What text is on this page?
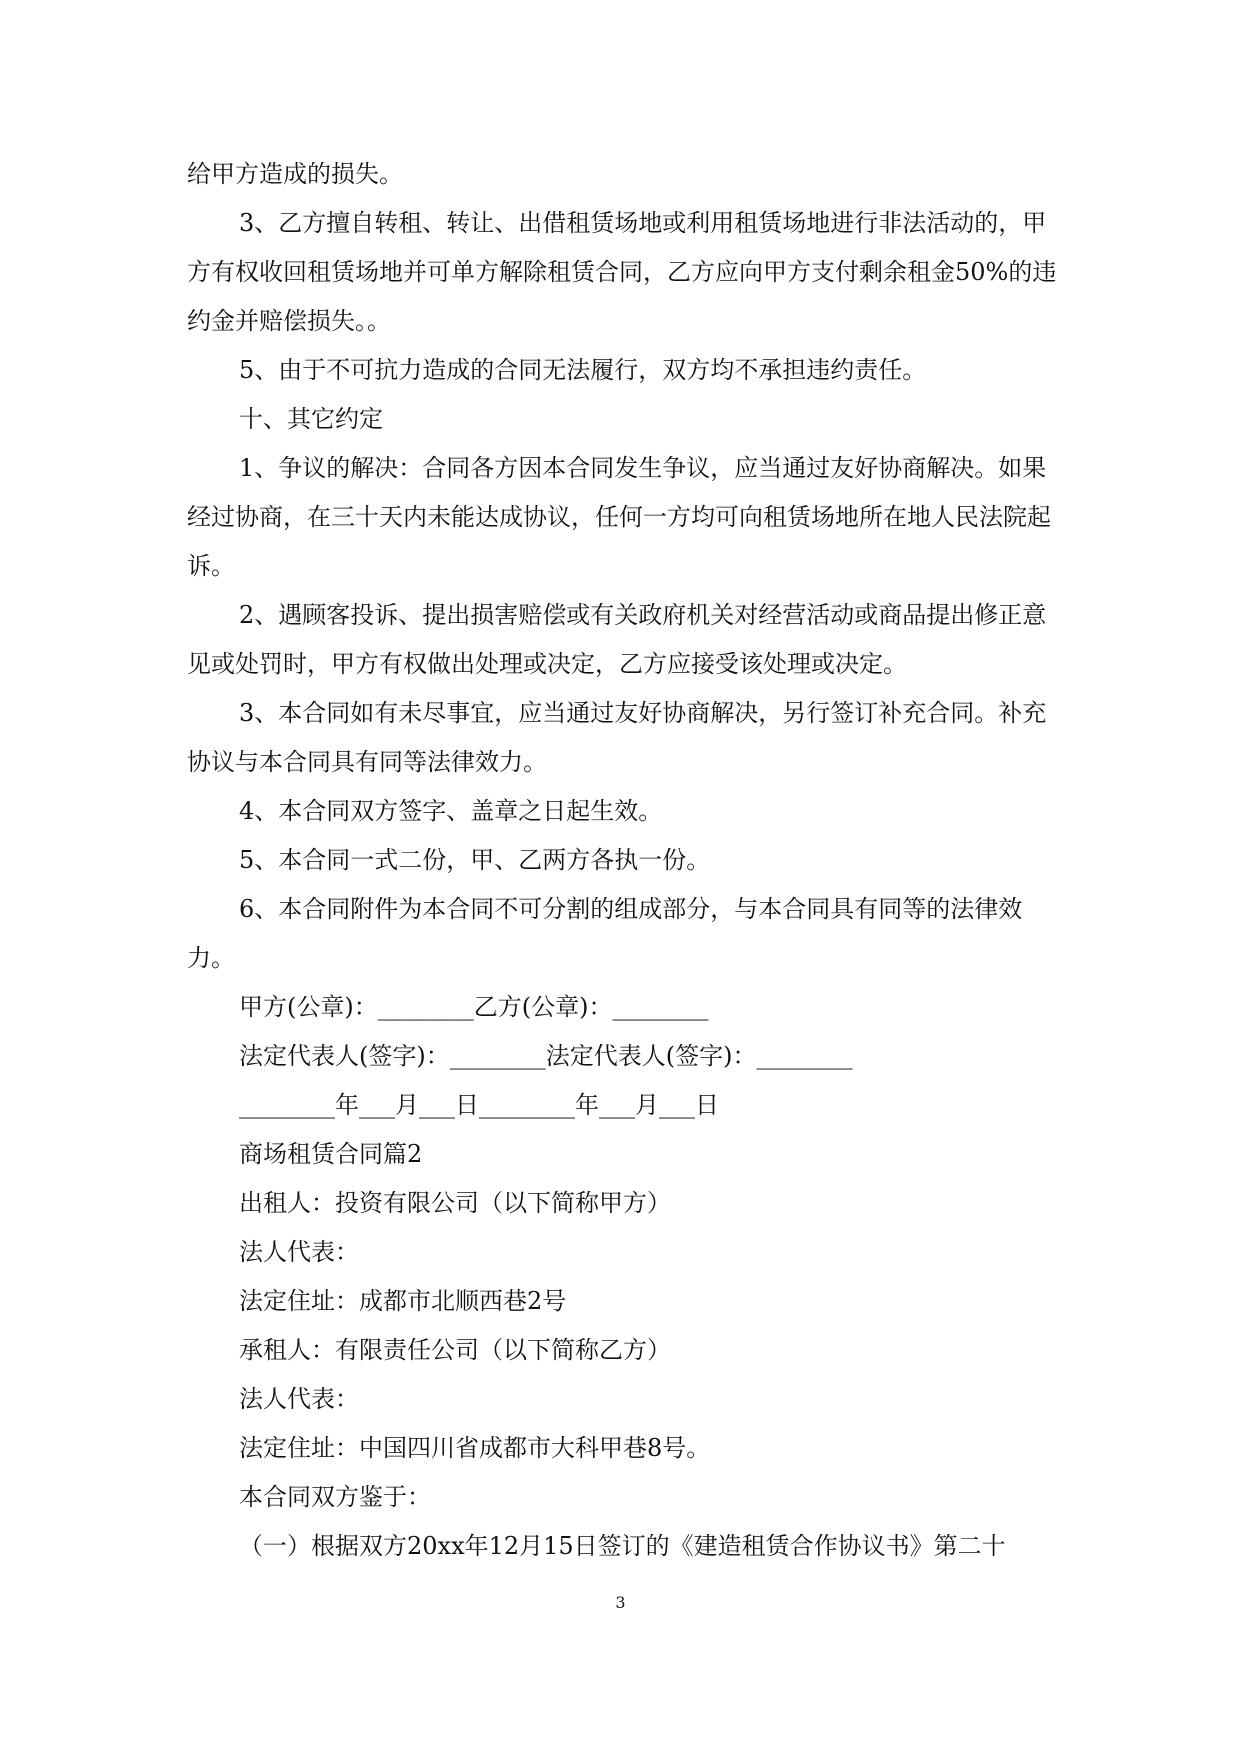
给甲方造成的损失。

3、乙方擅自转租、转让、出借租赁场地或利用租赁场地进行非法活动的，甲方有权收回租赁场地并可单方解除租赁合同，乙方应向甲方支付剩余租金50%的违约金并赔偿损失。。

5、由于不可抗力造成的合同无法履行，双方均不承担违约责任。

十、其它约定

1、争议的解决：合同各方因本合同发生争议，应当通过友好协商解决。如果经过协商，在三十天内未能达成协议，任何一方均可向租赁场地所在地人民法院起诉。

2、遇顾客投诉、提出损害赔偿或有关政府机关对经营活动或商品提出修正意见或处罚时，甲方有权做出处理或决定，乙方应接受该处理或决定。

3、本合同如有未尽事宜，应当通过友好协商解决，另行签订补充合同。补充协议与本合同具有同等法律效力。

4、本合同双方签字、盖章之日起生效。

5、本合同一式二份，甲、乙两方各执一份。

6、本合同附件为本合同不可分割的组成部分，与本合同具有同等的法律效力。

甲方(公章)：________乙方(公章)：________

法定代表人(签字)：________法定代表人(签字)：________

________年___月___日________年___月___日

商场租赁合同篇2

出租人：投资有限公司（以下简称甲方）

法人代表：

法定住址：成都市北顺西巷2号

承租人：有限责任公司（以下简称乙方）

法人代表：

法定住址：中国四川省成都市大科甲巷8号。

本合同双方鉴于：

（一）根据双方20xx年12月15日签订的《建造租赁合作协议书》第二十

3
